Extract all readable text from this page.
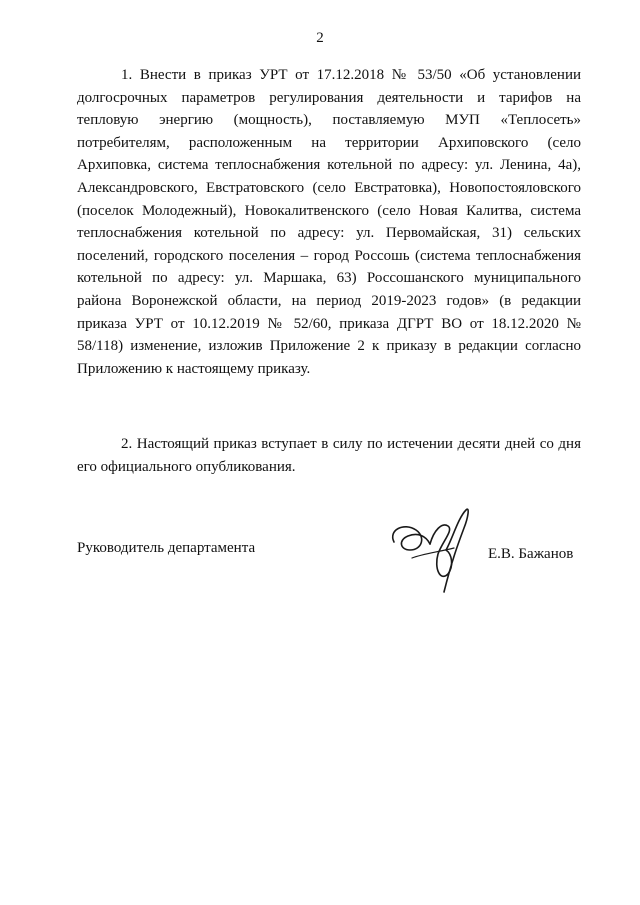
2

1. Внести в приказ УРТ от 17.12.2018 № 53/50 «Об установлении долгосрочных параметров регулирования деятельности и тарифов на тепловую энергию (мощность), поставляемую МУП «Теплосеть» потребителям, расположенным на территории Архиповского (село Архиповка, система теплоснабжения котельной по адресу: ул. Ленина, 4а), Александровского, Евстратовского (село Евстратовка), Новопостояловского (поселок Молодежный), Новокалитвенского (село Новая Калитва, система теплоснабжения котельной по адресу: ул. Первомайская, 31) сельских поселений, городского поселения – город Россошь (система теплоснабжения котельной по адресу: ул. Маршака, 63) Россошанского муниципального района Воронежской области, на период 2019-2023 годов» (в редакции приказа УРТ от 10.12.2019 № 52/60, приказа ДГРТ ВО от 18.12.2020 № 58/118) изменение, изложив Приложение 2 к приказу в редакции согласно Приложению к настоящему приказу.

2. Настоящий приказ вступает в силу по истечении десяти дней со дня его официального опубликования.

Руководитель департамента	Е.В. Бажанов
